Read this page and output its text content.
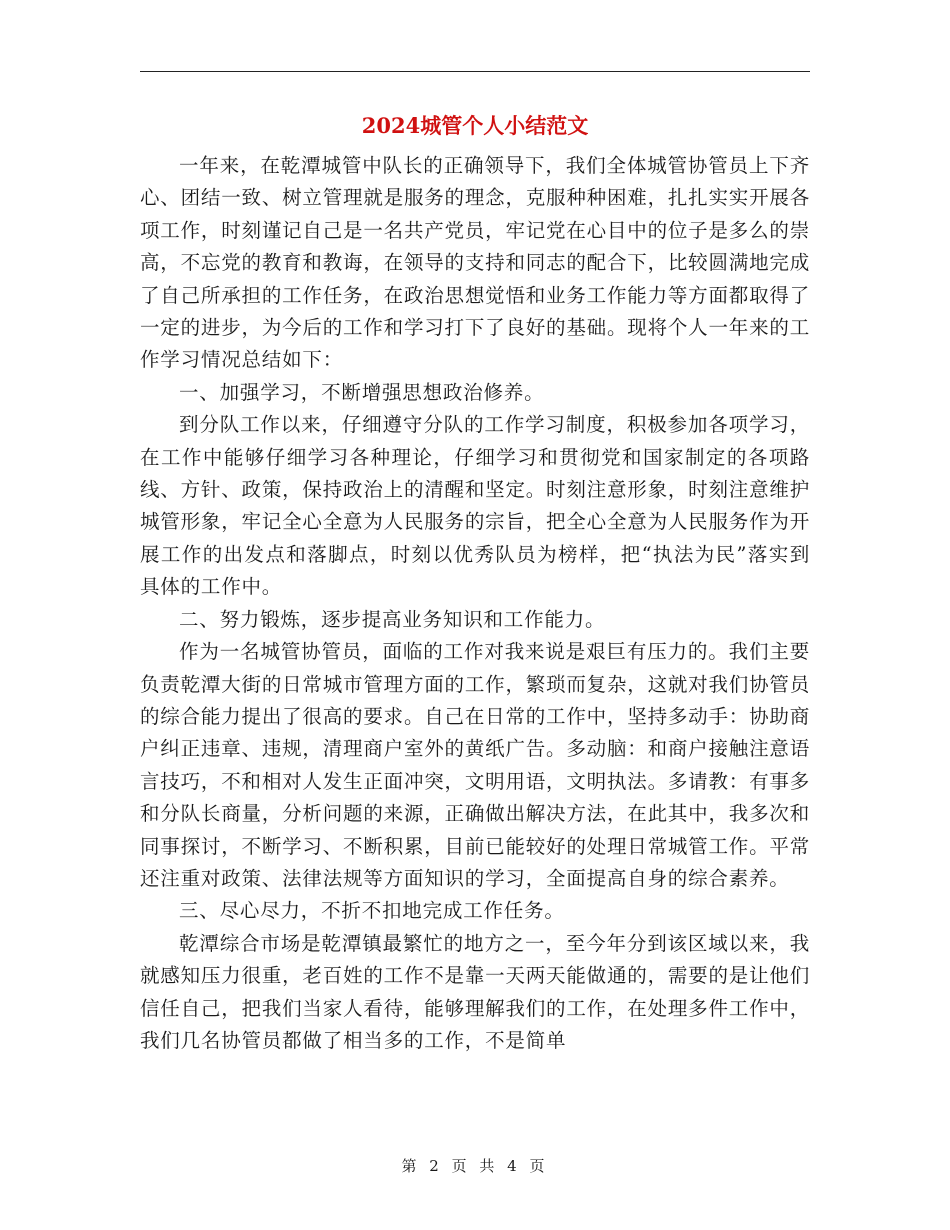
2024城管个人小结范文

一年来，在乾潭城管中队长的正确领导下，我们全体城管协管员上下齐心、团结一致、树立管理就是服务的理念，克服种种困难，扎扎实实开展各项工作，时刻谨记自己是一名共产党员，牢记党在心目中的位子是多么的崇高，不忘党的教育和教诲，在领导的支持和同志的配合下，比较圆满地完成了自己所承担的工作任务，在政治思想觉悟和业务工作能力等方面都取得了一定的进步，为今后的工作和学习打下了良好的基础。现将个人一年来的工作学习情况总结如下：

一、加强学习，不断增强思想政治修养。

到分队工作以来，仔细遵守分队的工作学习制度，积极参加各项学习，在工作中能够仔细学习各种理论，仔细学习和贯彻党和国家制定的各项路线、方针、政策，保持政治上的清醒和坚定。时刻注意形象，时刻注意维护城管形象，牢记全心全意为人民服务的宗旨，把全心全意为人民服务作为开展工作的出发点和落脚点，时刻以优秀队员为榜样，把“执法为民”落实到具体的工作中。

二、努力锻炼，逐步提高业务知识和工作能力。

作为一名城管协管员，面临的工作对我来说是艰巨有压力的。我们主要负责乾潭大街的日常城市管理方面的工作，繁琐而复杂，这就对我们协管员的综合能力提出了很高的要求。自己在日常的工作中，坚持多动手：协助商户纠正违章、违规，清理商户室外的黄纸广告。多动脑：和商户接触注意语言技巧，不和相对人发生正面冲突，文明用语，文明执法。多请教：有事多和分队长商量，分析问题的来源，正确做出解决方法，在此其中，我多次和同事探讨，不断学习、不断积累，目前已能较好的处理日常城管工作。平常还注重对政策、法律法规等方面知识的学习，全面提高自身的综合素养。

三、尽心尽力，不折不扣地完成工作任务。

乾潭综合市场是乾潭镇最繁忙的地方之一，至今年分到该区域以来，我就感知压力很重，老百姓的工作不是靠一天两天能做通的，需要的是让他们信任自己，把我们当家人看待，能够理解我们的工作，在处理多件工作中，我们几名协管员都做了相当多的工作，不是简单

第 2 页 共 4 页
